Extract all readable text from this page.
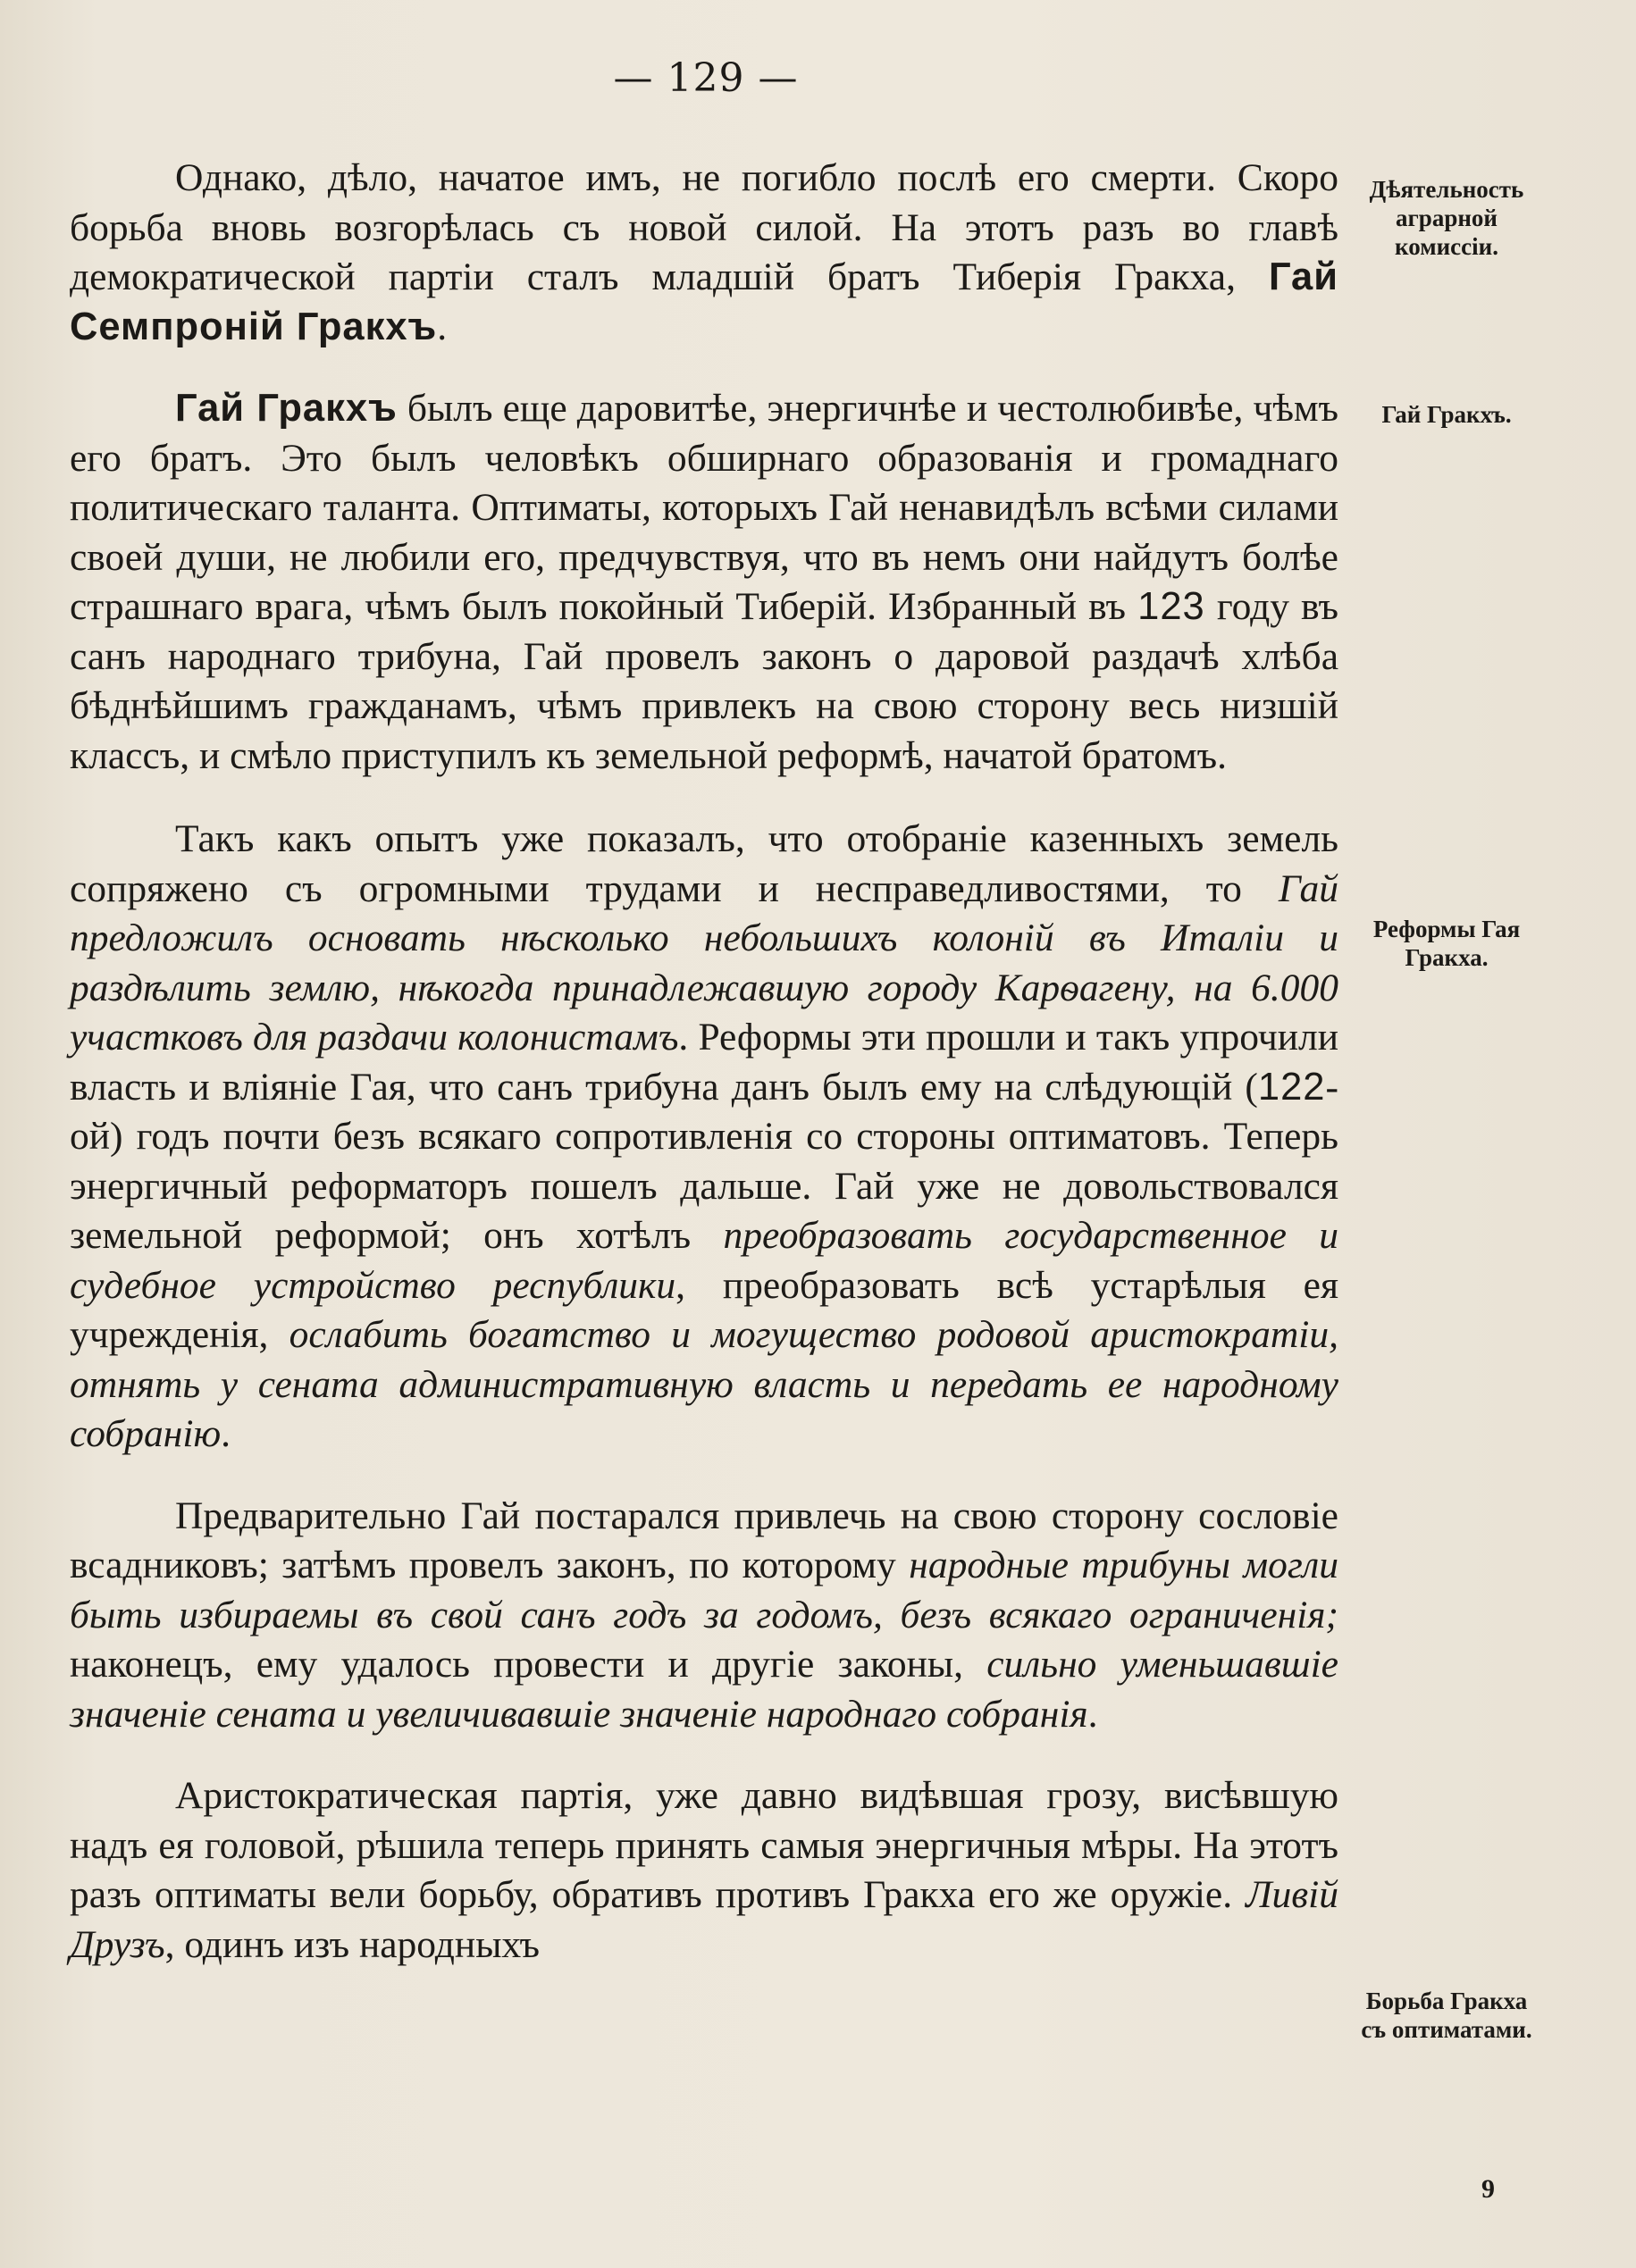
— 129 —

Однако, дѣло, начатое имъ, не погибло послѣ его смерти. Скоро борьба вновь возгорѣлась съ новой силой. На этотъ разъ во главѣ демократической партіи сталъ младшій братъ Тиберія Гракха, Гай Семпроній Гракхъ.

Гай Гракхъ былъ еще даровитѣе, энергичнѣе и честолюбивѣе, чѣмъ его братъ. Это былъ человѣкъ обширнаго образованія и громаднаго политическаго таланта. Оптиматы, которыхъ Гай ненавидѣлъ всѣми силами своей души, не любили его, предчувствуя, что въ немъ они найдутъ болѣе страшнаго врага, чѣмъ былъ покойный Тиберій. Избранный въ 123 году въ санъ народнаго трибуна, Гай провелъ законъ о даровой раздачѣ хлѣба бѣднѣйшимъ гражданамъ, чѣмъ привлекъ на свою сторону весь низшій классъ, и смѣло приступилъ къ земельной реформѣ, начатой братомъ.

Такъ какъ опытъ уже показалъ, что отобраніе казенныхъ земель сопряжено съ огромными трудами и несправедливостями, то Гай предложилъ основать нѣсколько небольшихъ колоній въ Италіи и раздѣлить землю, нѣкогда принадлежавшую городу Карѳагену, на 6.000 участковъ для раздачи колонистамъ. Реформы эти прошли и такъ упрочили власть и вліяніе Гая, что санъ трибуна данъ былъ ему на слѣдующій (122-ой) годъ почти безъ всякаго сопротивленія со стороны оптиматовъ. Теперь энергичный реформаторъ пошелъ дальше. Гай уже не довольствовался земельной реформой; онъ хотѣлъ преобразовать государственное и судебное устройство республики, преобразовать всѣ устарѣлыя ея учрежденія, ослабить богатство и могущество родовой аристократіи, отнять у сената административную власть и передать ее народному собранію.

Предварительно Гай постарался привлечь на свою сторону сословіе всадниковъ; затѣмъ провелъ законъ, по которому народные трибуны могли быть избираемы въ свой санъ годъ за годомъ, безъ всякаго ограниченія; наконецъ, ему удалось провести и другіе законы, сильно уменьшавшіе значеніе сената и увеличивавшіе значеніе народнаго собранія.

Аристократическая партія, уже давно видѣвшая грозу, висѣвшую надъ ея головой, рѣшила теперь принять самыя энергичныя мѣры. На этотъ разъ оптиматы вели борьбу, обративъ противъ Гракха его же оружіе. Ливій Друзъ, одинъ изъ народныхъ

Дѣятельность аграрной комиссіи.
Гай Гракхъ.
Реформы Гая Гракха.
Борьба Гракха съ оптиматами.
9
